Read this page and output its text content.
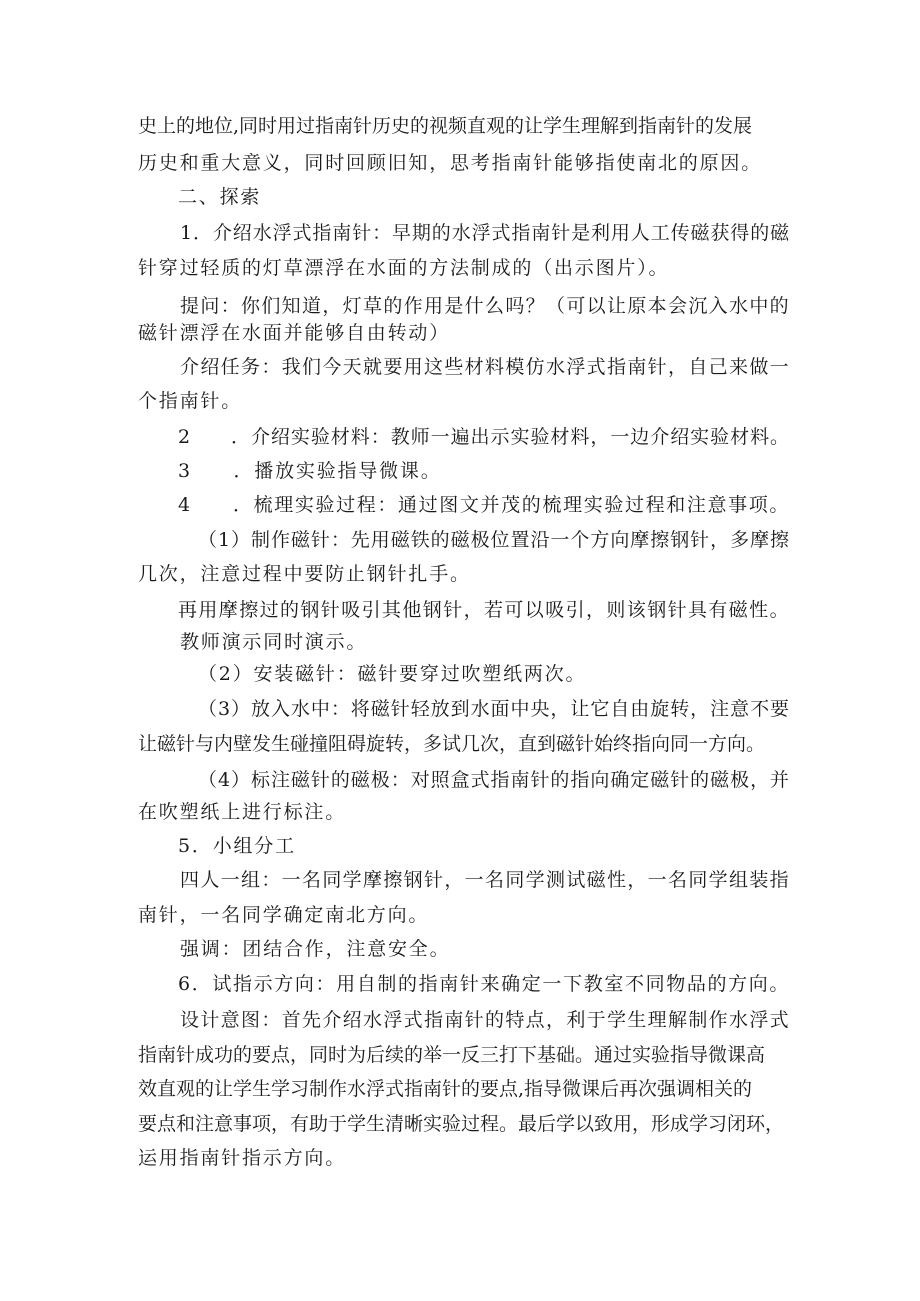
史上的地位,同时用过指南针历史的视频直观的让学生理解到指南针的发展
历史和重大意义，同时回顾旧知，思考指南针能够指使南北的原因。
二、探索
1．介绍水浮式指南针：早期的水浮式指南针是利用人工传磁获得的磁
针穿过轻质的灯草漂浮在水面的方法制成的（出示图片）。
提问：你们知道，灯草的作用是什么吗？（可以让原本会沉入水中的
磁针漂浮在水面并能够自由转动）
介绍任务：我们今天就要用这些材料模仿水浮式指南针，自己来做一
个指南针。
2　　．介绍实验材料：教师一遍出示实验材料，一边介绍实验材料。
3　　．播放实验指导微课。
4　　．梳理实验过程：通过图文并茂的梳理实验过程和注意事项。
（1）制作磁针：先用磁铁的磁极位置沿一个方向摩擦钢针，多摩擦
几次，注意过程中要防止钢针扎手。
再用摩擦过的钢针吸引其他钢针，若可以吸引，则该钢针具有磁性。
教师演示同时演示。
（2）安装磁针：磁针要穿过吹塑纸两次。
（3）放入水中：将磁针轻放到水面中央，让它自由旋转，注意不要
让磁针与内壁发生碰撞阻碍旋转，多试几次，直到磁针始终指向同一方向。
（4）标注磁针的磁极：对照盒式指南针的指向确定磁针的磁极，并
在吹塑纸上进行标注。
5．小组分工
四人一组：一名同学摩擦钢针，一名同学测试磁性，一名同学组装指
南针，一名同学确定南北方向。
强调：团结合作，注意安全。
6．试指示方向：用自制的指南针来确定一下教室不同物品的方向。
设计意图：首先介绍水浮式指南针的特点，利于学生理解制作水浮式
指南针成功的要点，同时为后续的举一反三打下基础。通过实验指导微课高
效直观的让学生学习制作水浮式指南针的要点,指导微课后再次强调相关的
要点和注意事项，有助于学生清晰实验过程。最后学以致用，形成学习闭环，
运用指南针指示方向。
